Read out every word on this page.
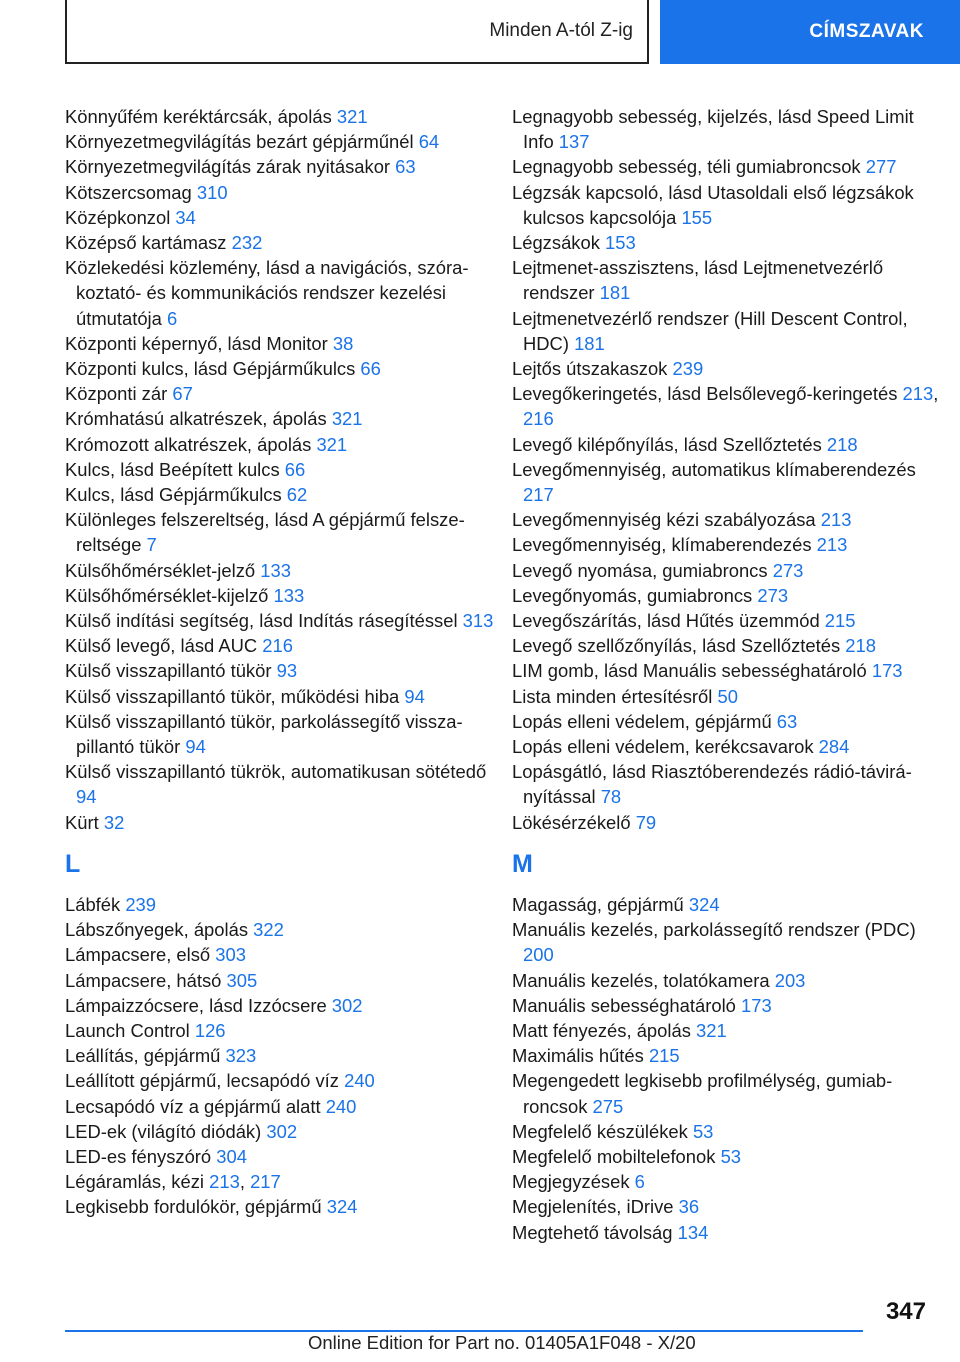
Minden A-tól Z-ig	CÍMSZAVAK
Könnyűfém keréktárcsák, ápolás 321
Környezetmegvilágítás bezárt gépjárműnél 64
Környezetmegvilágítás zárak nyitásakor 63
Kötszercsomag 310
Középkonzol 34
Középső kartámasz 232
Közlekedési közlemény, lásd a navigációs, szórakoztató- és kommunikációs rendszer kezelési útmutatója 6
Központi képernyő, lásd Monitor 38
Központi kulcs, lásd Gépjárműkulcs 66
Központi zár 67
Krómhatású alkatrészek, ápolás 321
Krómozott alkatrészek, ápolás 321
Kulcs, lásd Beépített kulcs 66
Kulcs, lásd Gépjárműkulcs 62
Különleges felszereltség, lásd A gépjármű felszereltsége 7
Külsőhőmérséklet-jelző 133
Külsőhőmérséklet-kijelző 133
Külső indítási segítség, lásd Indítás rásegítéssel 313
Külső levegő, lásd AUC 216
Külső visszapillantó tükör 93
Külső visszapillantó tükör, működési hiba 94
Külső visszapillantó tükör, parkolássegítő visszapillantó tükör 94
Külső visszapillantó tükrök, automatikusan sötétedő 94
Kürt 32
L
Lábfék 239
Lábszőnyegek, ápolás 322
Lámpacsere, első 303
Lámpacsere, hátsó 305
Lámpaizzócsere, lásd Izzócsere 302
Launch Control 126
Leállítás, gépjármű 323
Leállított gépjármű, lecsapódó víz 240
Lecsapódó víz a gépjármű alatt 240
LED-ek (világító diódák) 302
LED-es fényszóró 304
Légáramlás, kézi 213, 217
Legkisebb fordulókör, gépjármű 324
Legnagyobb sebesség, kijelzés, lásd Speed Limit Info 137
Legnagyobb sebesség, téli gumiabroncsok 277
Légzsák kapcsoló, lásd Utasoldali első légzsákok kulcsos kapcsolója 155
Légzsákok 153
Lejtmenet-asszisztens, lásd Lejtmenetvezérlő rendszer 181
Lejtmenetvezérlő rendszer (Hill Descent Control, HDC) 181
Lejtős útszakaszok 239
Levegőkeringetés, lásd Belsőlevegő-keringetés 213, 216
Levegő kilépőnyílás, lásd Szellőztetés 218
Levegőmennyiség, automatikus klímaberendezés 217
Levegőmennyiség kézi szabályozása 213
Levegőmennyiség, klímaberendezés 213
Levegő nyomása, gumiabroncs 273
Levegőnyomás, gumiabroncs 273
Levegőszárítás, lásd Hűtés üzemmód 215
Levegő szellőzőnyílás, lásd Szellőztetés 218
LIM gomb, lásd Manuális sebességhatároló 173
Lista minden értesítésről 50
Lopás elleni védelem, gépjármű 63
Lopás elleni védelem, kerékcsavarok 284
Lopásgátló, lásd Riasztóberendezés rádió-távirányítással 78
Lökésérzékelő 79
M
Magasság, gépjármű 324
Manuális kezelés, parkolássegítő rendszer (PDC) 200
Manuális kezelés, tolatókamera 203
Manuális sebességhatároló 173
Matt fényezés, ápolás 321
Maximális hűtés 215
Megengedett legkisebb profilmélység, gumiabroncsok 275
Megfelelő készülékek 53
Megfelelő mobiltelefonok 53
Megjegyzések 6
Megjelenítés, iDrive 36
Megtehető távolság 134
347
Online Edition for Part no. 01405A1F048 - X/20
